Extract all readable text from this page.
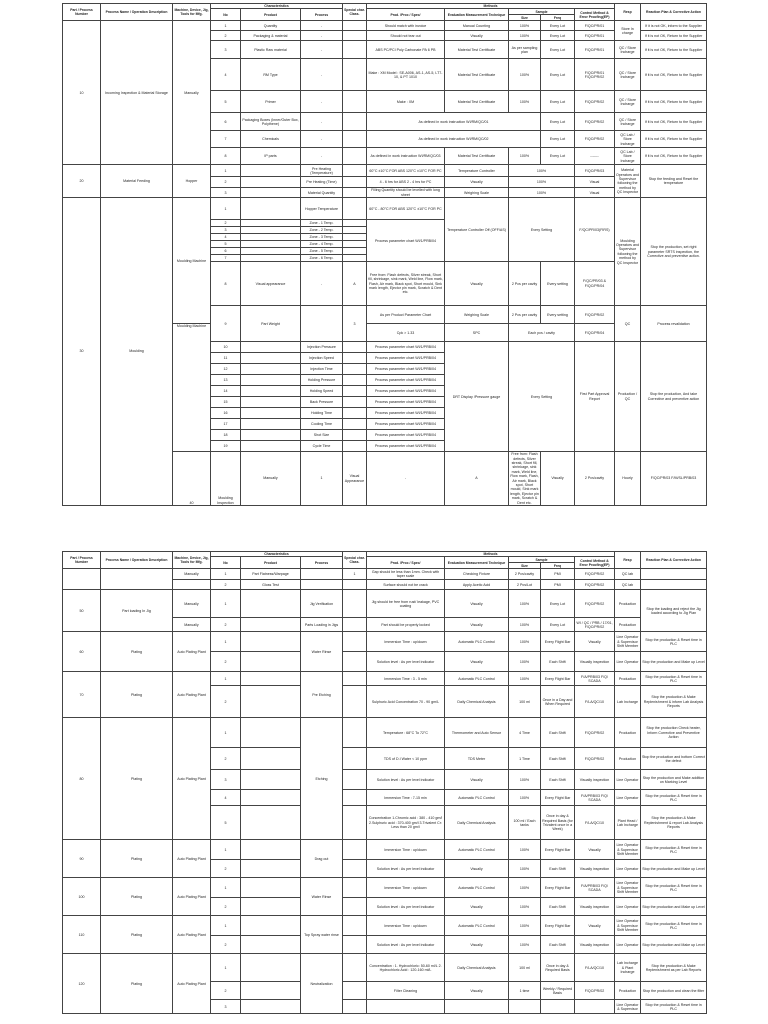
Part / Process Number	Process Name / Operation Description	Machine, Device, Jig, Tools for Mfg.	Characteristics			Special char. Class.	Methods					Resp	Reaction Plan & Corrective Action	
			No	Product	Process		Prod. /Proc / Spec/	Evaluation Measurement Technique	Sample		Control Method & Error Proofing(EP)			
									Size	Freq				
10	Incoming Inspection & Material Storage	Manually	1	Quantity	-		Should match with invoice	Manual Counting	100%	Every Lot	F/QC/PR/01	Store In charge	If it is not OK, inform to the Supplier	
			2	Packaging & material	-		Should not tear out	Visually	100%	Every Lot	F/QC/PR/01		If it is not OK, Return to the Supplier	
			3	Plastic Raw material	-		ABS PC/PCI Poly Carbonate PA 6 PB	Material Test Certificate	As per sampling plan	Every Lot	F/QC/PR/01	QC / Store Incharge	If it is not OK, Return to the Supplier	
			4	RM Type	-		Make : XM Model : SE-A006, AS-1, AS-5, LT7-10, & PT 1010	Material Test Certificate	100%	Every Lot	F/QC/PR/01 F/QC/PR/02	QC / Store Incharge	If it is not OK, Return to the Supplier	
			5	Primer	-		Make : XM	Material Test Certificate	100%	Every Lot	F/QC/PR/02	QC / Store Incharge	If it is not OK, Return to the Supplier	
			6	Packaging Boxes (Inner/Outer Box, Polythene)	-		As defined in work instruction WI/RM/QC/01			Every Lot	F/QC/PR/02	QC / Store Incharge	If it is not OK, Return to the Supplier	
			7	Chemicals	-		As defined in work instruction WI/RM/QC/02			Every Lot	F/QC/PR/02	QC Lab / Store Incharge	If it is not OK, Return to the Supplier	
			8	IP parts	-		As defined in work instruction WI/RM/QC/03	Material Test Certificate	100%	Every Lot	-------	QC Lab / Store Incharge	If it is not OK, Return to the Supplier	
20	Material Feeding	Hopper	1		Pre Heating (Temperature)		60°C ±10°C FOR ABS 120°C ±10°C FOR PC	Temperature Controller	100%		F/QC/PR/03	Material Operators and Supervisor following the method by QC Inspector	Stop the feeding and Reset the temperature	
			2		Pre Heating (Time)		4 - 6 hrs for ABS 2 - 4 hrs for PC	Visually	100%		Visual			
			3		Material Quantity		Filling Quantity should be levelled with long sheet	Weighing Scale	100%		Visual			
30	Moulding	Moulding Machine	1		Hopper Temperature		60°C - 80°C FOR ABS 120°C ±10°C FOR PC	Temperature Controller Off (OFF/AS)	Every Setting		F/QC/PR/03(FIRS)	Moulding Operators and Supervisor following the method by QC Inspector	Stop the production, set right parameter SRTS inspection, the Corrective and preventive action.	
			2		Zone - 1 Temp.		Process parameter chart WI/1/PRB/04							
			3		Zone - 2 Temp.									
			4		Zone - 3 Temp.									
			5		Zone - 4 Temp.									
			6		Zone - 5 Temp.									
			7		Zone - 6 Temp.									
			8	Visual appearance	-	A	Free from: Flash defects, Silver streak, Short fill, shrinkage, sink mark, Weld line, Flow mark, Flash, Air mark, Black spot, Short mould, Sink mark length, Ejector pin mark, Scratch & Dent etc.	Visually	2 Pcs per cavity	Every setting	F/QC/PR/03 & F/QC/PR/04			
			9	Part Weight		3	As per Product Parameter Chart	Weighing Scale	2 Pcs per cavity	Every setting	F/QC/PR/02	QC	Process revalidation	
		Moulding Machine					Cpk > 1.33	SPC	Each pcs / cavity		F/QC/PR/04			
			10		Injection Pressure		Process parameter chart WI/1/PRB/04	DRT Display /Pressure gauge	Every Setting		First Part Approval Report	Production / QC	Stop the production, And take Corrective and preventive action	
			11		Injection Speed		Process parameter chart WI/1/PRB/04							
			12		Injection Time		Process parameter chart WI/1/PRB/04							
			13		Holding Pressure		Process parameter chart WI/1/PRB/04							
			14		Holding Speed		Process parameter chart WI/1/PRB/04							
			15		Back Pressure		Process parameter chart WI/1/PRB/04							
			16		Holding Time		Process parameter chart WI/1/PRB/04							
			17		Cooling Time		Process parameter chart WI/1/PRB/04							
			18		Shot Size		Process parameter chart WI/1/PRB/04							
			19		Cycle Time		Process parameter chart WI/1/PRB/04							
		40	Moulding Inspection	Manually	1	Visual Appearance	-	A	Free from: Flash defects, Silver streak, Short fill, shrinkage, sink mark, Weld line, Flow mark, Flash, Air mark, Black spot, Short mould, Sink mark length, Ejector pin mark, Scratch & Dent etc.	Visually	2 Pcs/cavity	Hourly	F/QC/PR/03 F/M/SL/PRB/03		
Part / Process Number	Process Name / Operation Description	Machine, Device, Jig, Tools for Mfg.	Characteristics			Special char. Class.	Methods					Resp	Reaction Plan & Corrective Action
			No	Product	Process		Prod. /Proc / Spec/	Evaluation Measurement Technique	Sample		Control Method & Error Proofing(EP)		
									Size	Freq			
		Manually	1	Part Flatness/Warpage		1	Gap should be less than 1mm. Check with taper scale	Checking Fixture	2 Pcs/cavity	PMI	F/QC/PR/02	QC lab	
			2	Gloss Test			Surface should not be crack	Apply Acetic Acid	2 Pcs/Lot	PMI	F/QC/PR/02	QC lab	
50	Part loading In Jig	Manually	1		Jig Verification		Jig should be free from rust/ leakage, PVC coating	Visually	100%	Every Lot	F/QC/PR/02	Production	Stop the loading and reject the Jig loaded according to Jig Plan
		Manually	2		Parts Loading in Jigs		Part should be properly locked	Visually	100%	Every Lot	WI / QC / PRB / 17/01, F/QC/PR/02	Production	
60	Plating	Auto Plating Plant	1		Water Rinse		Immersion Time : up/down	Automatic PLC Control	100%	Every Flight Bar	Visually	Line Operator & Supervisor Shift Member	Stop the production & Reset time in PLC
			2				Solution level : As per level indicator	Visually	100%	Each Shift	Visually inspection	Line Operator	Stop the production and Make up Level
70	Plating	Auto Plating Plant	1		Pre Etching		Immersion Time : 3 - 5 min	Automatic PLC Control	100%	Every Flight Bar	F/A/PRB/03 F/Q/ SCADA	Production	Stop the production & Reset time in PLC
			2				Sulphuric Acid Concentration 70 - 90 gm/L	Daily Chemical Analysis	100 ml	Once in a Day and When Required	F/LA/QC/10	Lab Incharge	Stop the production & Make Replenishment & inform Lab Analysis Reports
80	Plating	Auto Plating Plant	1		Etching		Temperature : 68°C To 72°C	Thermometer and Auto Sensor	4 Time	Each Shift	F/QC/PR/02	Production	Stop the production Check heater, Inform Corrective and Preventive Action
			2				TDS of D.I Water < 10 ppm	TDS Meter	1 Time	Each Shift	F/QC/PR/02	Production	Stop the production and bottom Correct the defect
			3				Solution level : As per level indicator	Visually	100%	Each Shift	Visually inspection	Line Operator	Stop the production and Make addition on Marking Level
			4				Immersion Time : 7-15 min	Automatic PLC Control	100%	Every Flight Bar	F/A/PRB/03 F/Q/ SCADA	Line Operator	Stop the production & Reset time in PLC
			5				Concentration 1.Chromic acid : 380 - 410 gm/l 2.Sulphuric acid : 370-400 gm/l 3.Trivalent Cr: Less than 20 gm/l	Daily Chemical Analysis	100 ml / Each tanks	Once in day & Required Basis (for Trivalent once in a Week)	F/LA/QC/10	Plant Head / Lab Incharge	Stop the production & Make Replenishment & report Lab Analysis Reports
90	Plating	Auto Plating Plant	1		Drag out		Immersion Time : up/down	Automatic PLC Control	100%	Every Flight Bar	Visually	Line Operator & Supervisor Shift Member	Stop the production & Reset time in PLC
			2				Solution level : As per level indicator	Visually	100%	Each Shift	Visually inspection	Line Operator	Stop the production and Make up Level
100	Plating	Auto Plating Plant	1		Water Rinse		Immersion Time : up/down	Automatic PLC Control	100%	Every Flight Bar	F/A/PRB/03 F/Q/ SCADA	Line Operator & Supervisor Shift Member	Stop the production & Reset time in PLC
			2				Solution level : As per level indicator	Visually	100%	Each Shift	Visually inspection	Line Operator	Stop the production and Make up Level
110	Plating	Auto Plating Plant	1		Top Spray water rinse		Immersion Time : up/down	Automatic PLC Control	100%	Every Flight Bar	Visually	Line Operator & Supervisor Shift Member	Stop the production & Reset time in PLC
			2				Solution level : As per level indicator	Visually	100%	Each Shift	Visually inspection	Line Operator	Stop the production and Make up Level
120	Plating	Auto Plating Plant	1		Neutralization		Concentration : 1. Hydrochloric: 50-60 ml/L 2. Hydrochloric Acid : 120-160 ml/L	Daily Chemical Analysis	100 ml	Once in day & Required Basis	F/LA/QC/10	Lab Incharge & Plant Incharge	Stop the production & Make Replenishment as per Lab Reports
			2				Filter Cleaning	Visually	1 time	Weekly / Required Basis	F/QC/PR/02	Production	Stop the production and clean the filter
			3									Line Operator & Supervisor	Stop the production & Reset time in PLC
